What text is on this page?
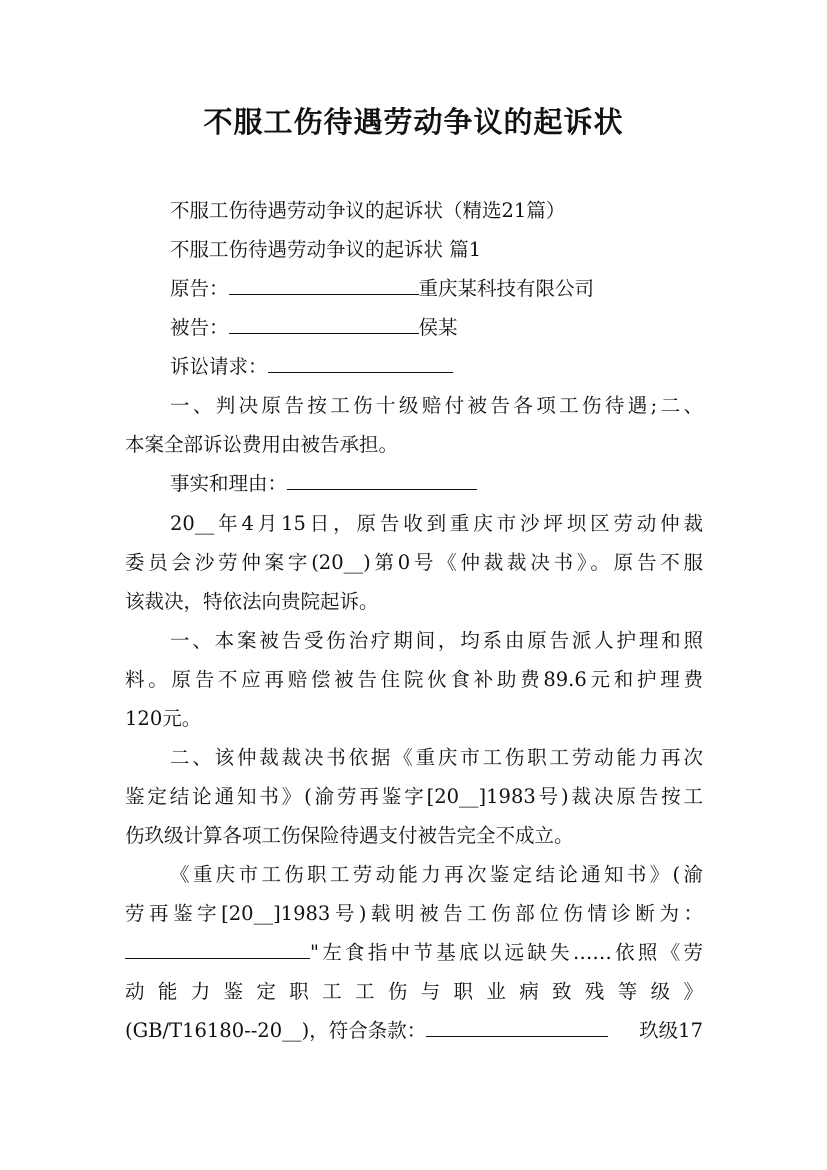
不服工伤待遇劳动争议的起诉状
不服工伤待遇劳动争议的起诉状（精选21篇）
不服工伤待遇劳动争议的起诉状 篇1
原告：	重庆某科技有限公司
被告：	侯某
诉讼请求：
一、判决原告按工伤十级赔付被告各项工伤待遇;二、
本案全部诉讼费用由被告承担。
事实和理由：
20__年4月15日，原告收到重庆市沙坪坝区劳动仲裁
委员会沙劳仲案字(20__)第0号《仲裁裁决书》。原告不服
该裁决，特依法向贵院起诉。
一、本案被告受伤治疗期间，均系由原告派人护理和照
料。原告不应再赔偿被告住院伙食补助费89.6元和护理费
120元。
二、该仲裁裁决书依据《重庆市工伤职工劳动能力再次
鉴定结论通知书》(渝劳再鉴字[20__]1983号)裁决原告按工
伤玖级计算各项工伤保险待遇支付被告完全不成立。
《重庆市工伤职工劳动能力再次鉴定结论通知书》(渝
劳再鉴字[20__]1983号)载明被告工伤部位伤情诊断为：
"左食指中节基底以远缺失……依照《劳
动能力鉴定职工工伤与职业病致残等级》
(GB/T16180--20__)，符合条款：	玖级17
